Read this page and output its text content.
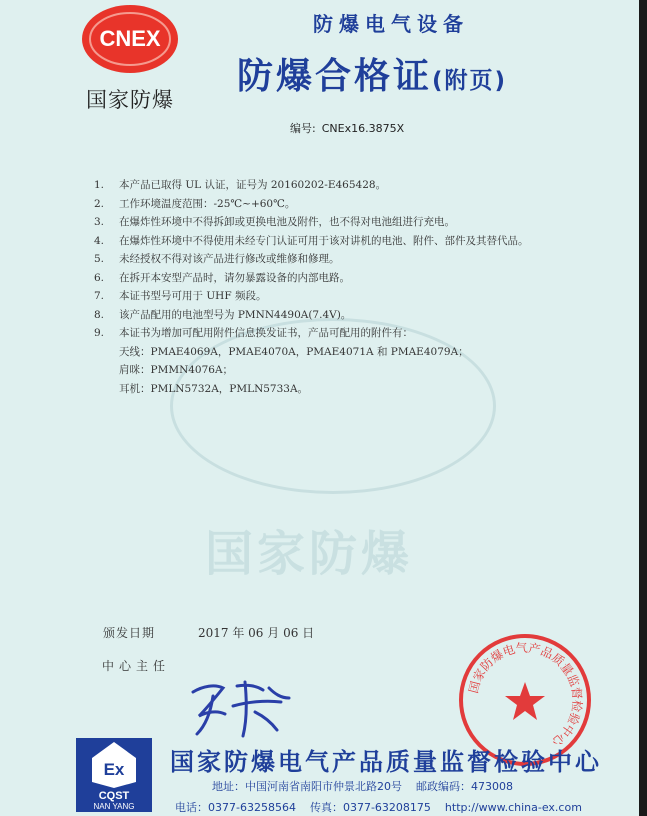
CNEX
国家防爆
防爆电气设备
防爆合格证(附页)
编号: CNEx16.3875X
国家防爆
1.	本产品已取得 UL 认证，证号为 20160202-E465428。
2.	工作环境温度范围：-25℃~+60℃。
3.	在爆炸性环境中不得拆卸或更换电池及附件，也不得对电池组进行充电。
4.	在爆炸性环境中不得使用未经专门认证可用于该对讲机的电池、附件、部件及其替代品。
5.	未经授权不得对该产品进行修改或维修和修理。
6.	在拆开本安型产品时，请勿暴露设备的内部电路。
7.	本证书型号可用于 UHF 频段。
8.	该产品配用的电池型号为 PMNN4490A(7.4V)。
9.	本证书为增加可配用附件信息换发证书，产品可配用的附件有：
天线：PMAE4069A，PMAE4070A，PMAE4071A 和 PMAE4079A；
肩咪：PMMN4076A；
耳机：PMLN5732A，PMLN5733A。
颁发日期	2017 年 06 月 06 日
中心主任
国家防爆电气产品质量监督检验中心
Ex
CQST
NAN YANG
国家防爆电气产品质量监督检验中心
地址：中国河南省南阳市仲景北路20号 邮政编码：473008
电话：0377-63258564 传真：0377-63208175 http://www.china-ex.com
